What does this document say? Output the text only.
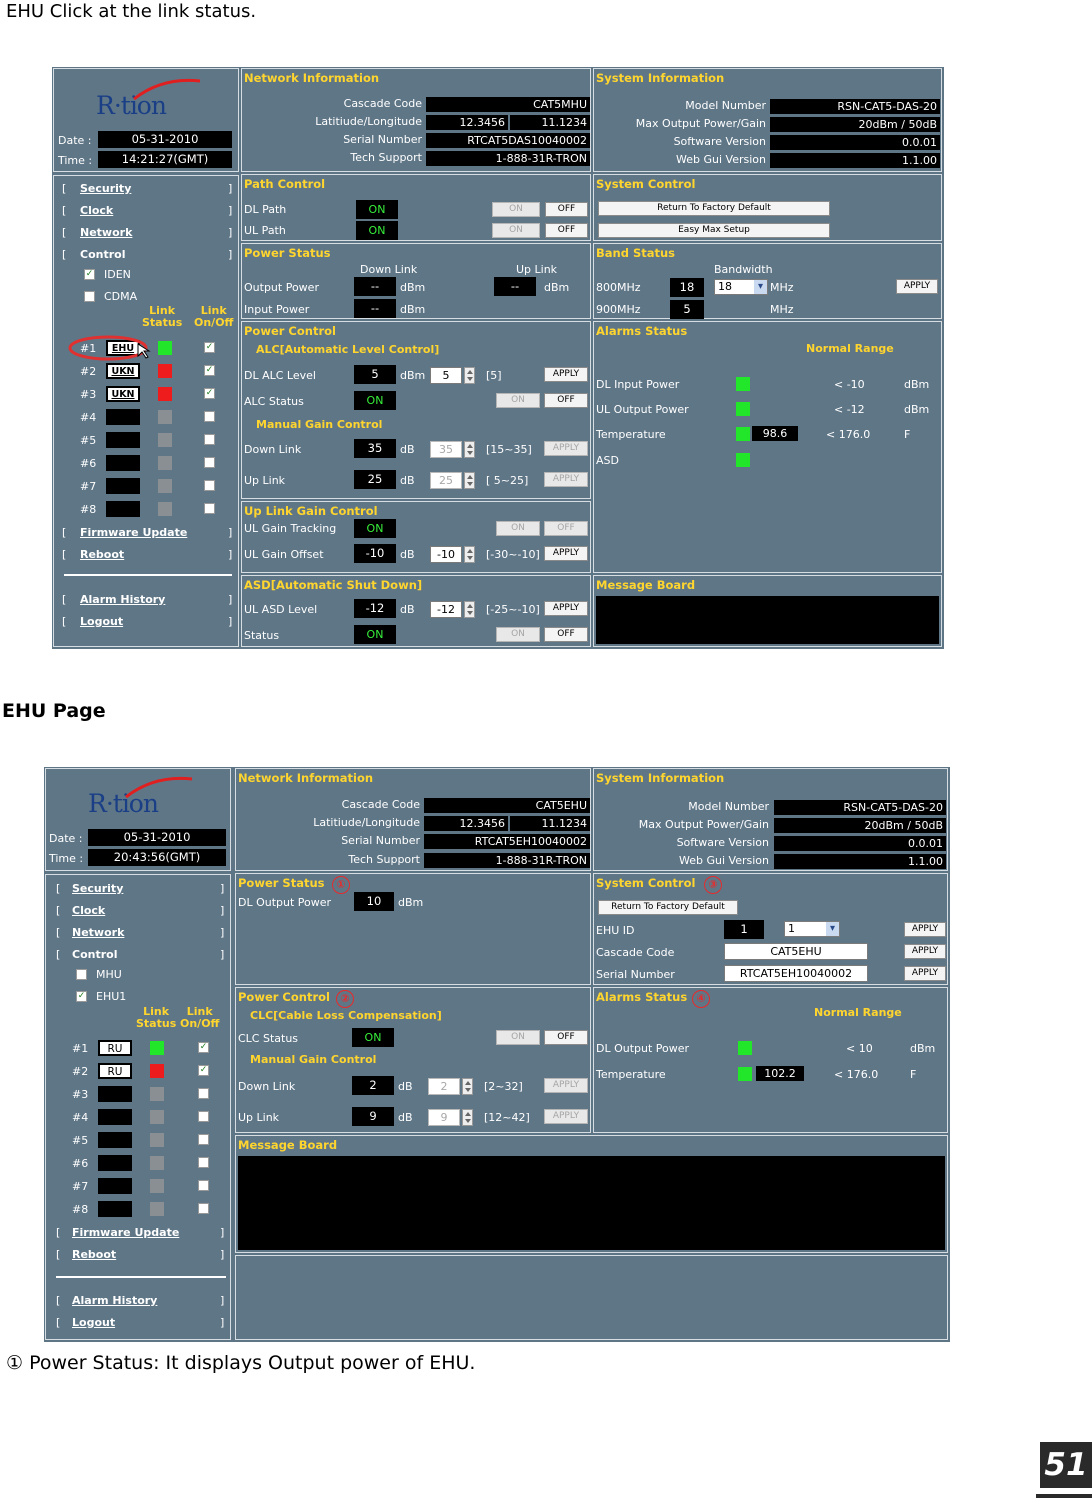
EHU Click at the link status.
EHU Page
① Power Status: It displays Output power of EHU.
51
R·tion
Date :	05-31-2010
Time :	14:21:27(GMT)
[ Security	]
[ Clock	]
[ Network	]
[ Control	]
✓ IDEN
CDMA
Link
Status
Link
On/Off
#1	EHU	✓
#2	UKN	✓
#3	UKN	✓
#4
#5
#6
#7
#8
[ Firmware Update	]
[ Reboot	]
[ Alarm History	]
[ Logout	]
Network Information
Cascade Code	CAT5MHU
Latitiude/Longitude	12.3456	11.1234
Serial Number	RTCAT5DAS10040002
Tech Support	1-888-31R-TRON
System Information
Model Number	RSN-CAT5-DAS-20
Max Output Power/Gain	20dBm / 50dB
Software Version	0.0.01
Web Gui Version	1.1.00
Path Control
DL Path	ON	ON	OFF
UL Path	ON	ON	OFF
System Control
Return To Factory Default
Easy Max Setup
Power Status
Down Link	Up Link
Output Power	--	dBm	--	dBm
Input Power	--	dBm
Band Status
Bandwidth
800MHz	18	18 ▾	MHz	APPLY
900MHz	5	MHz
Power Control
ALC[Automatic Level Control]
DL ALC Level	5	dBm	5	[5]	APPLY
ALC Status	ON	ON	OFF
Manual Gain Control
Down Link	35	dB	35	[15~35]	APPLY
Up Link	25	dB	25	[ 5~25]	APPLY
Alarms Status
Normal Range
DL Input Power	< -10	dBm
UL Output Power	< -12	dBm
Temperature	98.6	< 176.0	F
ASD
Up Link Gain Control
UL Gain Tracking	ON	ON	OFF
UL Gain Offset	-10	dB	-10	[-30~-10]	APPLY
ASD[Automatic Shut Down]
UL ASD Level	-12	dB	-12	[-25~-10]	APPLY
Status	ON	ON	OFF
Message Board
R·tion
Date :	05-31-2010
Time :	20:43:56(GMT)
[ Security	]
[ Clock	]
[ Network	]
[ Control	]
MHU
✓ EHU1
Link
Status
Link
On/Off
#1	RU	✓
#2	RU	✓
#3
#4
#5
#6
#7
#8
[ Firmware Update	]
[ Reboot	]
[ Alarm History	]
[ Logout	]
Network Information
Cascade Code	CAT5EHU
Latitiude/Longitude	12.3456	11.1234
Serial Number	RTCAT5EH10040002
Tech Support	1-888-31R-TRON
System Information
Model Number	RSN-CAT5-DAS-20
Max Output Power/Gain	20dBm / 50dB
Software Version	0.0.01
Web Gui Version	1.1.00
Power Status	①
DL Output Power	10	dBm
System Control	③
Return To Factory Default
EHU ID	1	1 ▾	APPLY
Cascade Code	CAT5EHU	APPLY
Serial Number	RTCAT5EH10040002	APPLY
Power Control ②
CLC[Cable Loss Compensation]
CLC Status	ON	ON	OFF
Manual Gain Control
Down Link	2	dB	2	[2~32]	APPLY
Up Link	9	dB	9	[12~42]	APPLY
Alarms Status ④
Normal Range
DL Output Power	< 10	dBm
Temperature	102.2	< 176.0	F
Message Board
